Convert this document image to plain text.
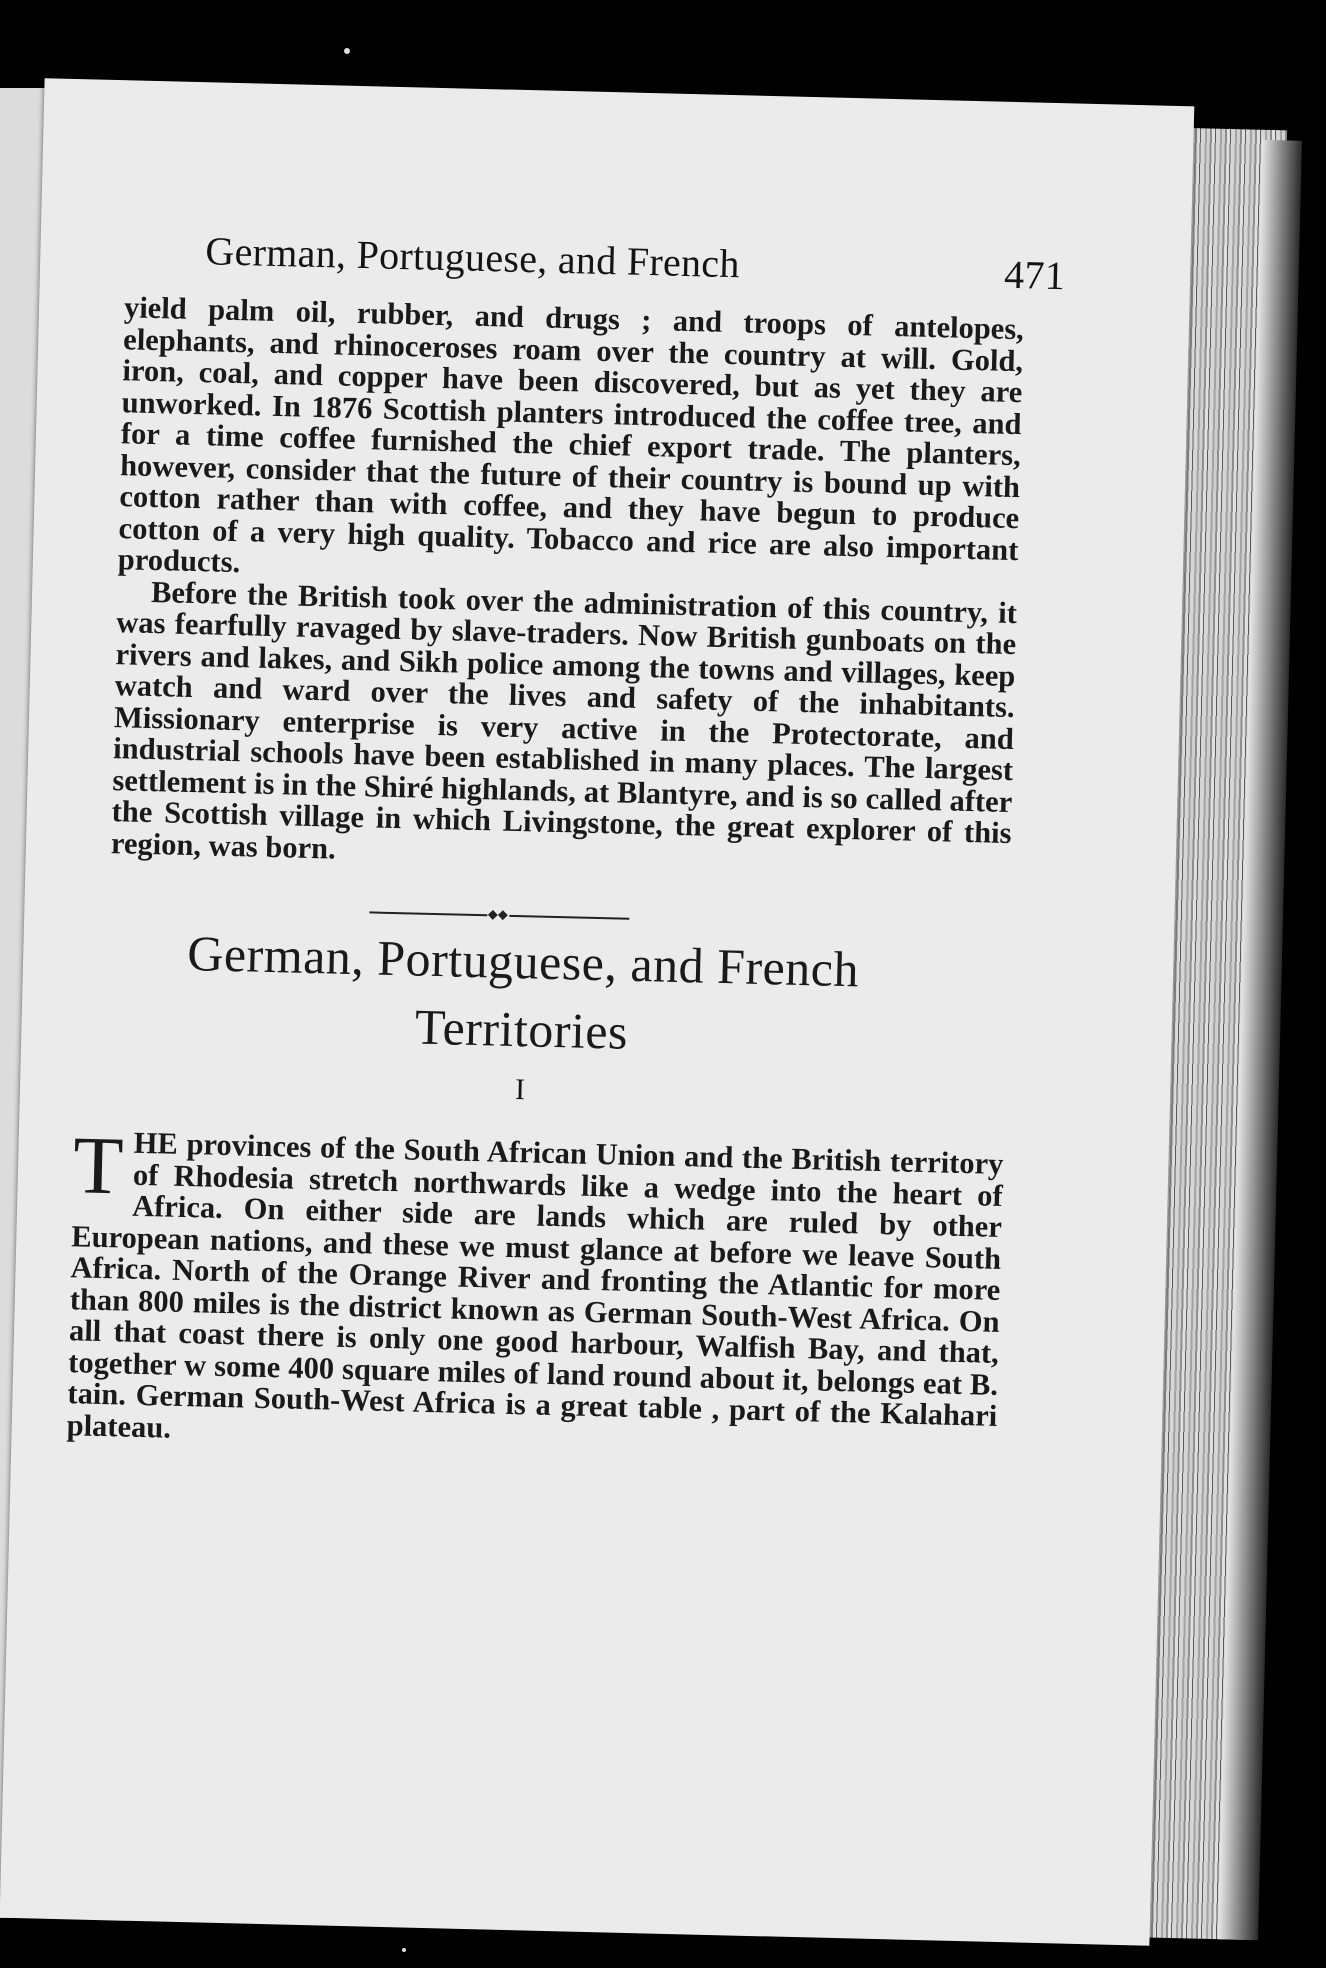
German, Portuguese, and French	471

yield palm oil, rubber, and drugs ; and troops of antelopes, elephants, and rhinoceroses roam over the country at will. Gold, iron, coal, and copper have been discovered, but as yet they are unworked. In 1876 Scottish planters introduced the coffee tree, and for a time coffee furnished the chief export trade. The planters, however, consider that the future of their country is bound up with cotton rather than with coffee, and they have begun to produce cotton of a very high quality. Tobacco and rice are also important products.

Before the British took over the administration of this country, it was fearfully ravaged by slave-traders. Now British gunboats on the rivers and lakes, and Sikh police among the towns and villages, keep watch and ward over the lives and safety of the inhabitants. Missionary enterprise is very active in the Protectorate, and industrial schools have been established in many places. The largest settlement is in the Shiré highlands, at Blantyre, and is so called after the Scottish village in which Livingstone, the great explorer of this region, was born.

German, Portuguese, and French
Territories
I

THE provinces of the South African Union and the British territory of Rhodesia stretch northwards like a wedge into the heart of Africa. On either side are lands which are ruled by other European nations, and these we must glance at before we leave South Africa. North of the Orange River and fronting the Atlantic for more than 800 miles is the district known as German South-West Africa. On all that coast there is only one good harbour, Walfish Bay, and that, together w some 400 square miles of land round about it, belongs eat B. tain. German South-West Africa is a great table , part of the Kalahari plateau.
